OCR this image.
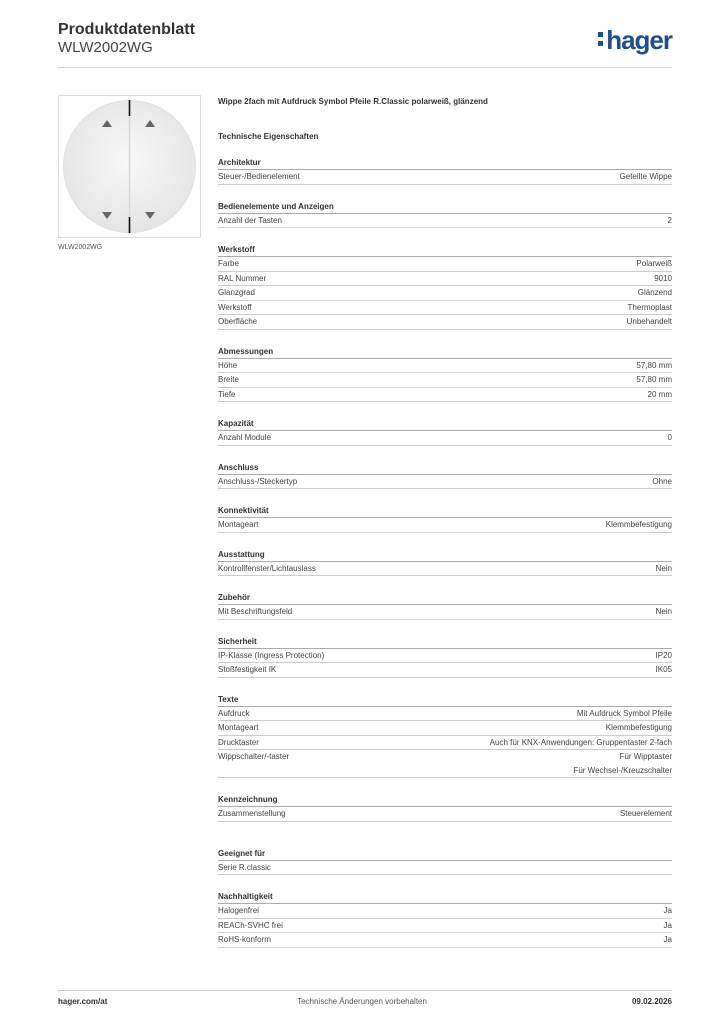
Produktdatenblatt
WLW2002WG	hager
WLW2002WG
Wippe 2fach mit Aufdruck Symbol Pfeile R.Classic polarweiß, glänzend
Technische Eigenschaften
Architektur
Steuer-/Bedienelement	Geteilte Wippe
Bedienelemente und Anzeigen
Anzahl der Tasten	2
Werkstoff
Farbe	Polarweiß
RAL Nummer	9010
Glanzgrad	Glänzend
Werkstoff	Thermoplast
Oberfläche	Unbehandelt
Abmessungen
Höhe	57,80 mm
Breite	57,80 mm
Tiefe	20 mm
Kapazität
Anzahl Module	0
Anschluss
Anschluss-/Steckertyp	Ohne
Konnektivität
Montageart	Klemmbefestigung
Ausstattung
Kontrollfenster/Lichtauslass	Nein
Zubehör
Mit Beschriftungsfeld	Nein
Sicherheit
IP-Klasse (Ingress Protection)	IP20
Stoßfestigkeit IK	IK05
Texte
Aufdruck	Mit Aufdruck Symbol Pfeile
Montageart	Klemmbefestigung
Drucktaster	Auch für KNX-Anwendungen: Gruppentaster 2-fach
Wippschalter/-taster	Für Wipptaster
Für Wechsel-/Kreuzschalter
Kennzeichnung
Zusammenstellung	Steuerelement
Geeignet für
Serie R.classic
Nachhaltigkeit
Halogenfrei	Ja
REACh-SVHC frei	Ja
RoHS-konform	Ja
hager.com/at	Technische Änderungen vorbehalten	09.02.2026
